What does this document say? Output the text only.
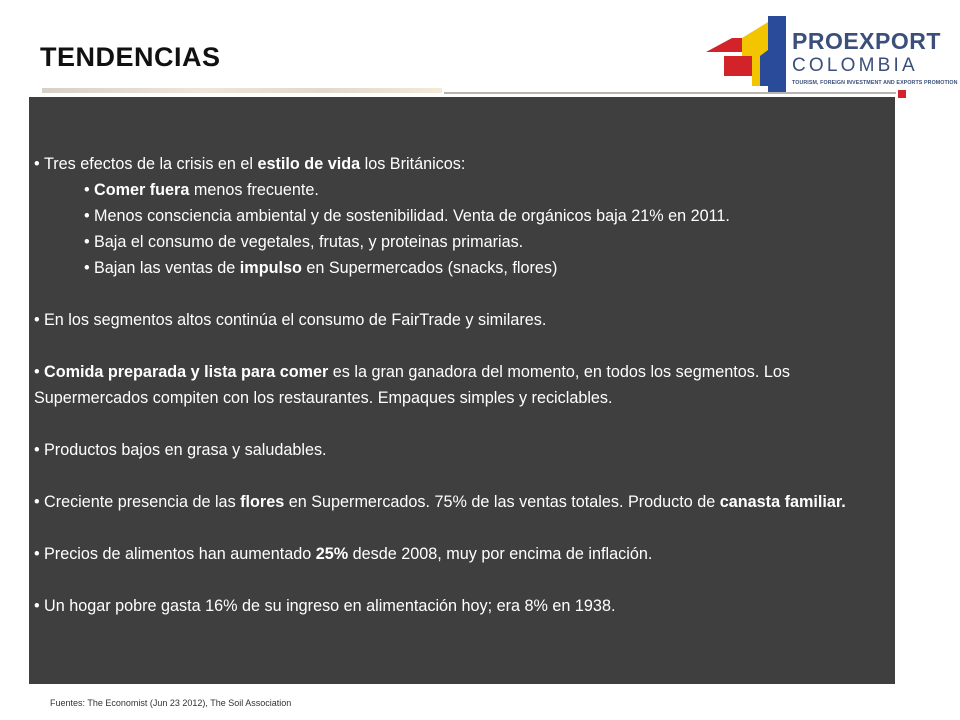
TENDENCIAS
PROEXPORT
COLOMBIA
TOURISM, FOREIGN INVESTMENT AND EXPORTS PROMOTION

• Tres efectos de la crisis en el estilo de vida los Británicos:

• Comer fuera menos frecuente.

• Menos consciencia ambiental y de sostenibilidad. Venta de orgánicos baja 21% en 2011.

• Baja el consumo de vegetales, frutas, y proteinas primarias.

• Bajan las ventas de impulso en Supermercados (snacks, flores)

• En los segmentos altos continúa el consumo de FairTrade y similares.

• Comida preparada y lista para comer es la gran ganadora del momento, en todos los segmentos. Los Supermercados compiten con los restaurantes. Empaques simples y reciclables.

• Productos bajos en grasa y saludables.

• Creciente presencia de las flores en Supermercados. 75% de las ventas totales. Producto de canasta familiar.

• Precios de alimentos han aumentado 25% desde 2008, muy por encima de inflación.

• Un hogar pobre gasta 16% de su ingreso en alimentación hoy; era 8% en 1938.

Fuentes: The Economist (Jun 23 2012), The Soil Association
